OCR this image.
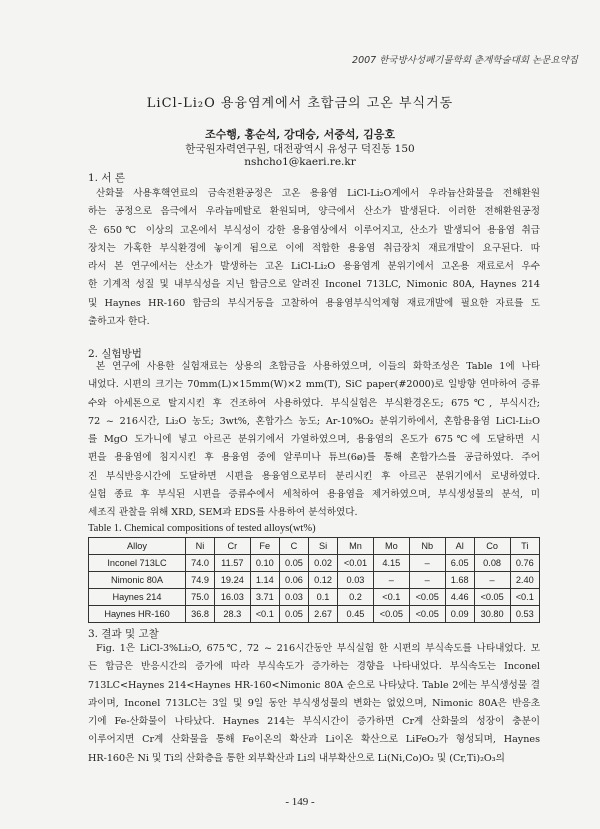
2007 한국방사성폐기물학회 춘계학술대회 논문요약집
LiCl-Li₂O 용융염계에서 초합금의 고온 부식거동
조수행, 홍순석, 강대승, 서중석, 김응호
한국원자력연구원, 대전광역시 유성구 덕진동 150
nshcho1@kaeri.re.kr
1. 서 론
산화물 사용후핵연료의 금속전환공정은 고온 용융염 LiCl-Li₂O계에서 우라늄산화물을 전해환원
하는 공정으로 음극에서 우라늄메탈로 환원되며, 양극에서 산소가 발생된다. 이러한 전해환원공정
은 650℃ 이상의 고온에서 부식성이 강한 용융염상에서 이루어지고, 산소가 발생되어 용융염 취급
장치는 가혹한 부식환경에 놓이게 됨으로 이에 적합한 용융염 취급장치 재료개발이 요구된다. 따
라서 본 연구에서는 산소가 발생하는 고온 LiCl-Li₂O 용융염계 분위기에서 고온용 재료로서 우수
한 기계적 성질 및 내부식성을 지닌 합금으로 알려진 Inconel 713LC, Nimonic 80A, Haynes 214
및 Haynes HR-160 합금의 부식거동을 고찰하여 용융염부식억제형 재료개발에 필요한 자료를 도
출하고자 한다.
2. 실험방법
본 연구에 사용한 실험재료는 상용의 초합금을 사용하였으며, 이들의 화학조성은 Table 1에 나타
내었다. 시편의 크기는 70mm(L)×15mm(W)×2 mm(T), SiC paper(#2000)로 일방향 연마하여 증류
수와 아세톤으로 탈지시킨 후 건조하여 사용하였다. 부식실험은 부식환경온도; 675℃, 부식시간;
72 ~ 216시간, Li₂O 농도; 3wt%, 혼합가스 농도; Ar-10%O₂ 분위기하에서, 혼합용융염 LiCl-Li₂O
를 MgO 도가니에 넣고 아르곤 분위기에서 가열하였으며, 용융염의 온도가 675℃에 도달하면 시
편을 용융염에 침지시킨 후 용융염 중에 알루미나 튜브(6ø)를 통해 혼합가스를 공급하였다. 주어
진 부식반응시간에 도달하면 시편을 용융염으로부터 분리시킨 후 아르곤 분위기에서 로냉하였다.
실험 종료 후 부식된 시편을 증류수에서 세척하여 용융염을 제거하였으며, 부식생성물의 분석, 미
세조직 관찰을 위해 XRD, SEM과 EDS를 사용하여 분석하였다.
Table 1. Chemical compositions of tested alloys(wt%)
Alloy	Ni	Cr	Fe	C	Si	Mn	Mo	Nb	Al	Co	Ti
Inconel 713LC	74.0	11.57	0.10	0.05	0.02	<0.01	4.15	–	6.05	0.08	0.76
Nimonic 80A	74.9	19.24	1.14	0.06	0.12	0.03	–	–	1.68	–	2.40
Haynes 214	75.0	16.03	3.71	0.03	0.1	0.2	<0.1	<0.05	4.46	<0.05	<0.1
Haynes HR-160	36.8	28.3	<0.1	0.05	2.67	0.45	<0.05	<0.05	0.09	30.80	0.53
3. 결과 및 고찰
Fig. 1은 LiCl-3%Li₂O, 675℃, 72 ~ 216시간동안 부식실험 한 시편의 부식속도를 나타내었다. 모
든 합금은 반응시간의 증가에 따라 부식속도가 증가하는 경향을 나타내었다. 부식속도는 Inconel
713LC<Haynes 214<Haynes HR-160<Nimonic 80A 순으로 나타났다. Table 2에는 부식생성물 결
과이며, Inconel 713LC는 3일 및 9일 동안 부식생성물의 변화는 없었으며, Nimonic 80A은 반응초
기에 Fe-산화물이 나타났다. Haynes 214는 부식시간이 증가하면 Cr계 산화물의 성장이 충분이
이루어지면 Cr계 산화물을 통해 Fe이온의 확산과 Li이온 확산으로 LiFeO₂가 형성되며, Haynes
HR-160은 Ni 및 Ti의 산화층을 통한 외부확산과 Li의 내부확산으로 Li(Ni,Co)O₂ 및 (Cr,Ti)₂O₃의
- 149 -
